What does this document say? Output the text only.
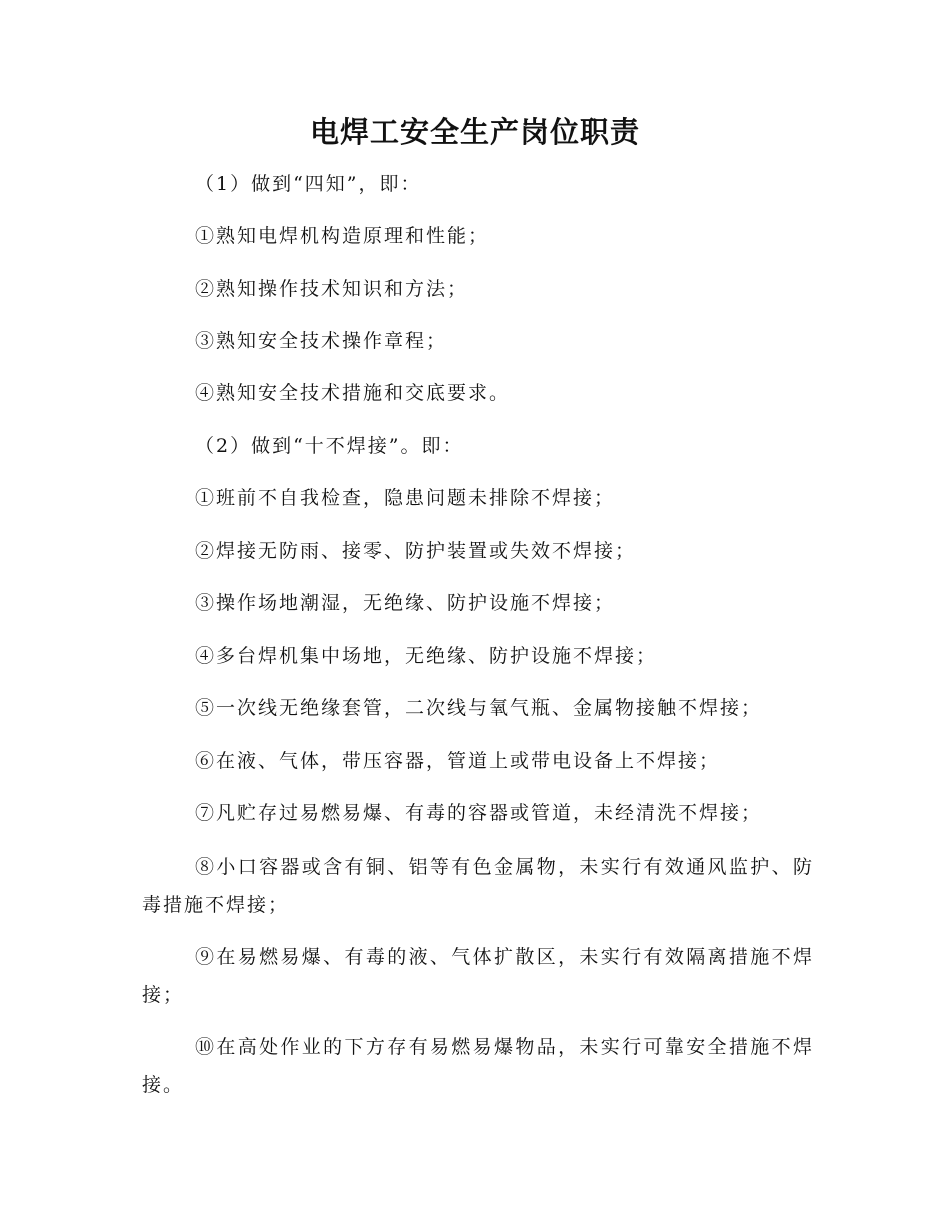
电焊工安全生产岗位职责

（1）做到“四知”，即：

①熟知电焊机构造原理和性能；

②熟知操作技术知识和方法；

③熟知安全技术操作章程；

④熟知安全技术措施和交底要求。

（2）做到“十不焊接”。即：

①班前不自我检查，隐患问题未排除不焊接；

②焊接无防雨、接零、防护装置或失效不焊接；

③操作场地潮湿，无绝缘、防护设施不焊接；

④多台焊机集中场地，无绝缘、防护设施不焊接；

⑤一次线无绝缘套管，二次线与氧气瓶、金属物接触不焊接；

⑥在液、气体，带压容器，管道上或带电设备上不焊接；

⑦凡贮存过易燃易爆、有毒的容器或管道，未经清洗不焊接；

⑧小口容器或含有铜、铝等有色金属物，未实行有效通风监护、防毒措施不焊接；

⑨在易燃易爆、有毒的液、气体扩散区，未实行有效隔离措施不焊接；

⑩在高处作业的下方存有易燃易爆物品，未实行可靠安全措施不焊接。
